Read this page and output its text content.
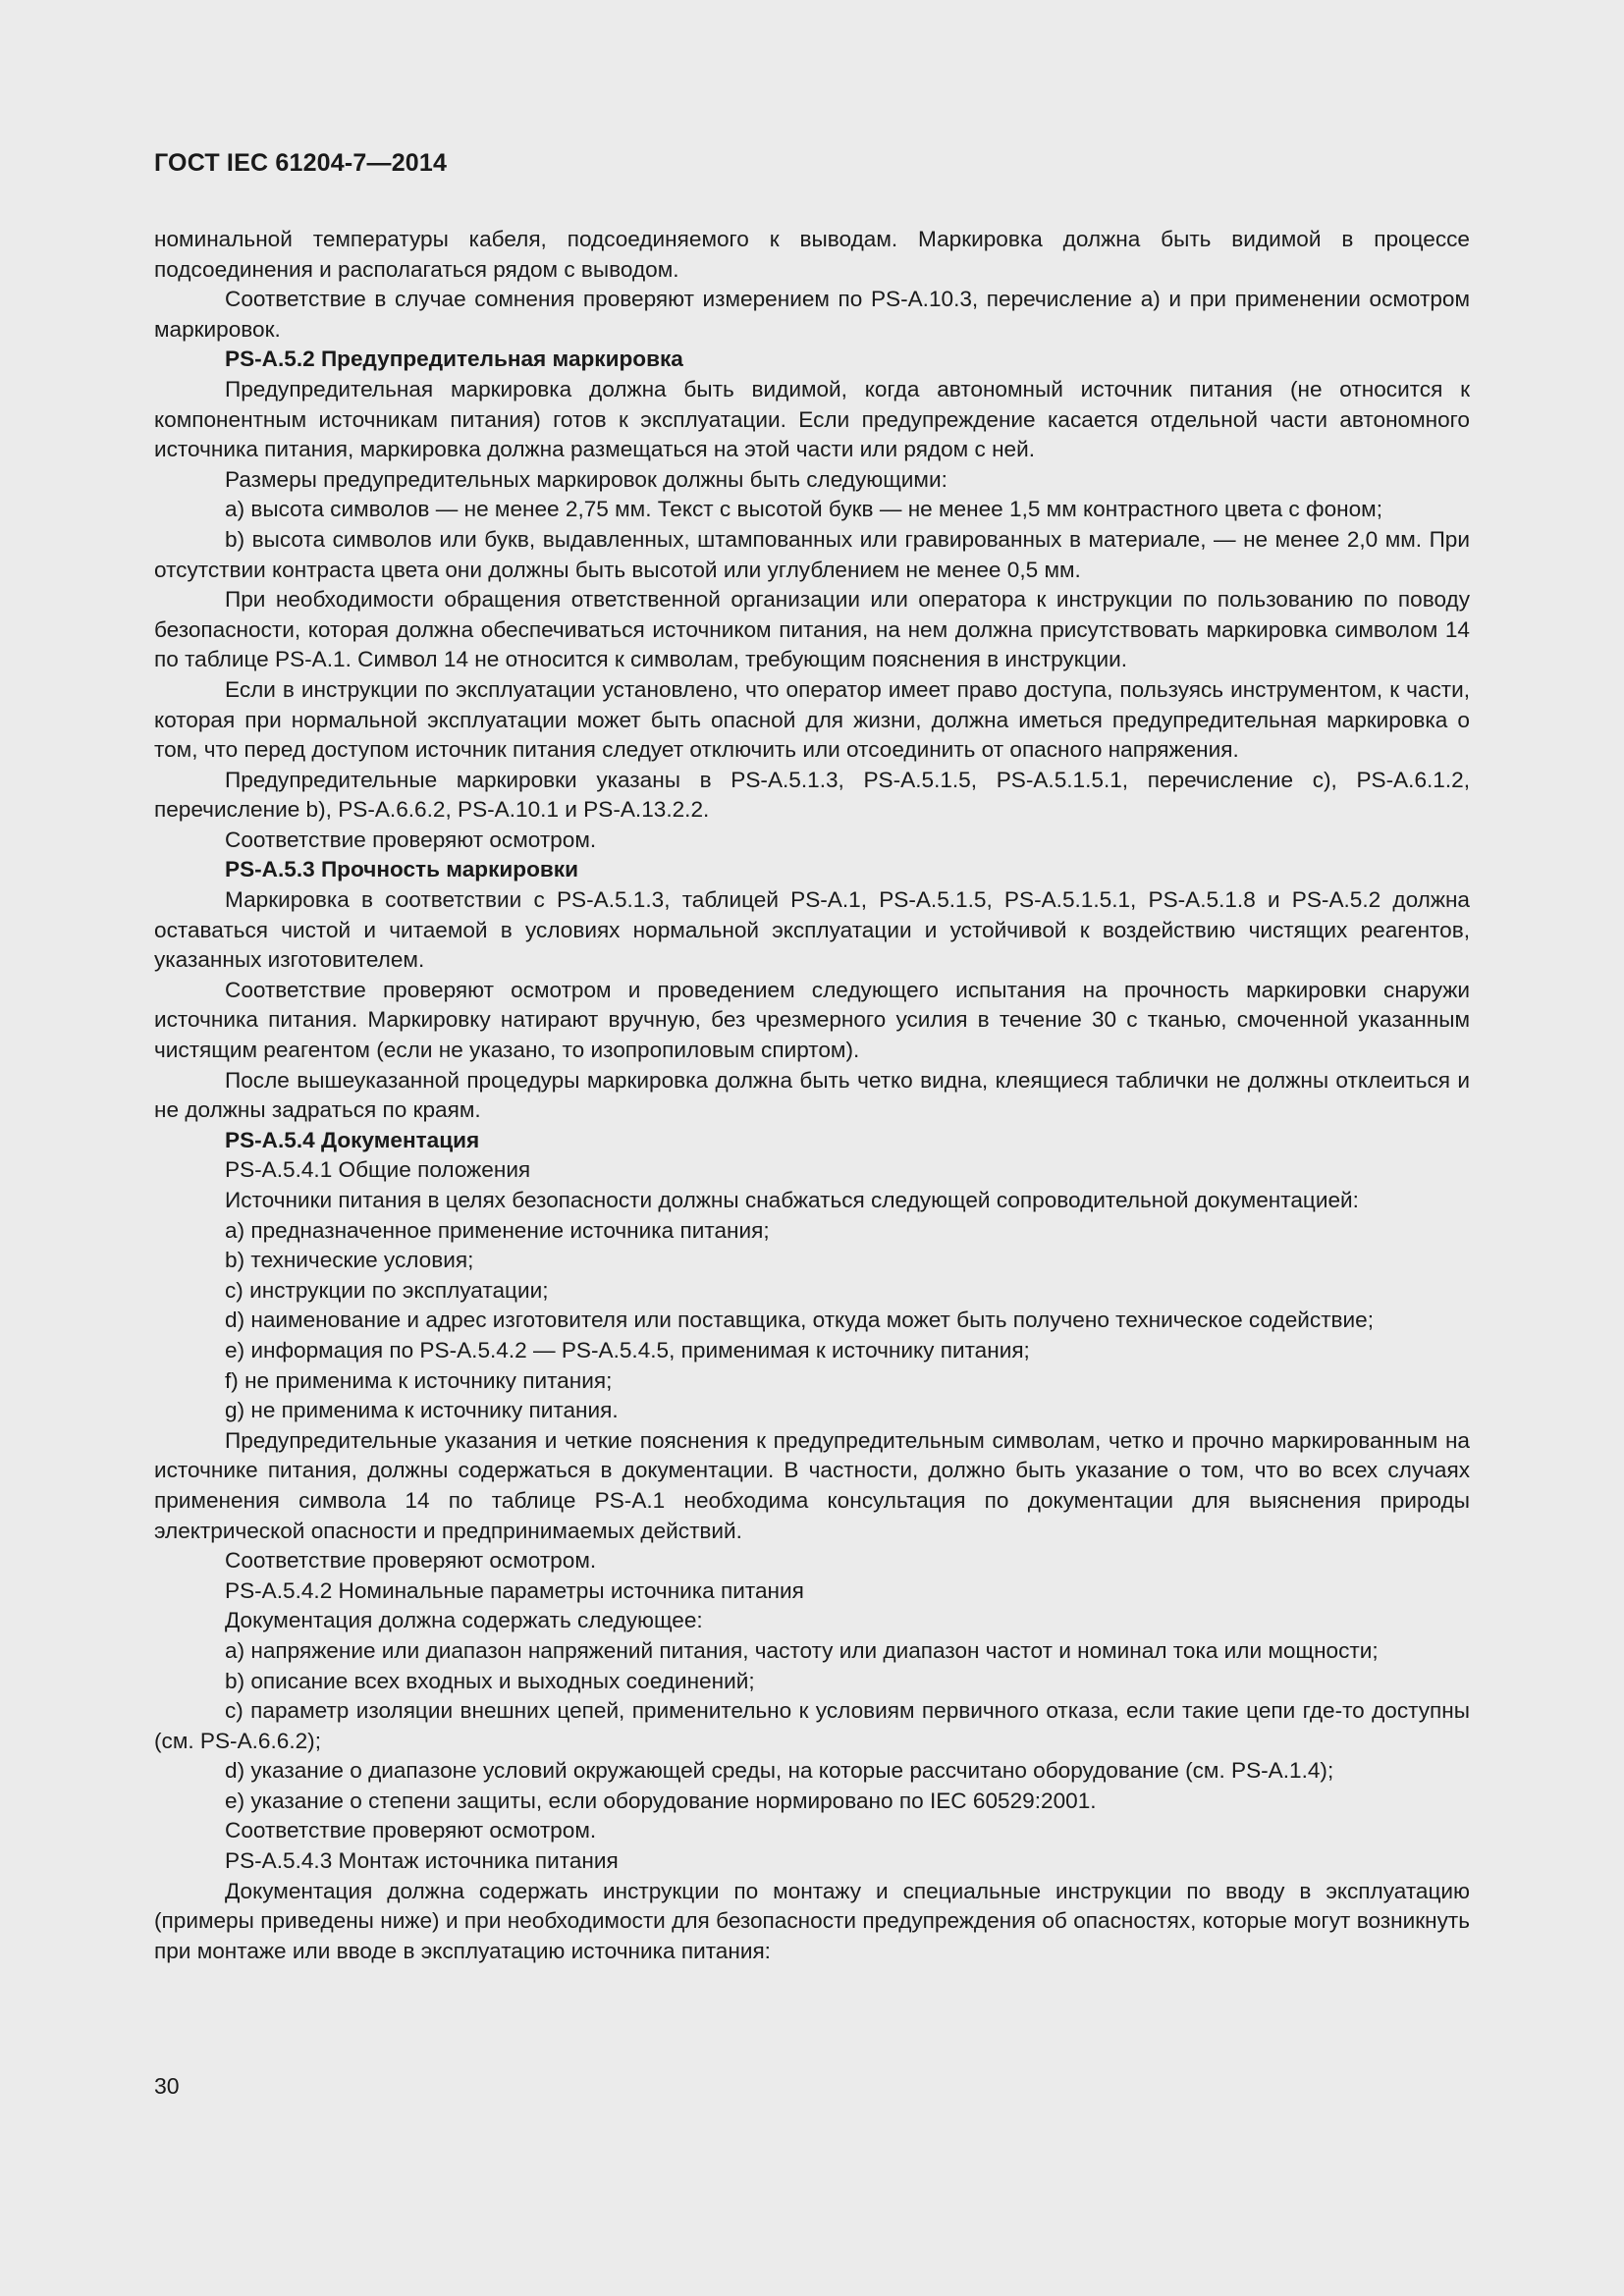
ГОСТ IEC 61204-7—2014

номинальной температуры кабеля, подсоединяемого к выводам. Маркировка должна быть видимой в процессе подсоединения и располагаться рядом с выводом.

Соответствие в случае сомнения проверяют измерением по PS-A.10.3, перечисление a) и при применении осмотром маркировок.

PS-A.5.2 Предупредительная маркировка

Предупредительная маркировка должна быть видимой, когда автономный источник питания (не относится к компонентным источникам питания) готов к эксплуатации. Если предупреждение касается отдельной части автономного источника питания, маркировка должна размещаться на этой части или рядом с ней.

Размеры предупредительных маркировок должны быть следующими:

a) высота символов — не менее 2,75 мм. Текст с высотой букв — не менее 1,5 мм контрастного цвета с фоном;

b) высота символов или букв, выдавленных, штампованных или гравированных в материале, — не менее 2,0 мм. При отсутствии контраста цвета они должны быть высотой или углублением не менее 0,5 мм.

При необходимости обращения ответственной организации или оператора к инструкции по пользованию по поводу безопасности, которая должна обеспечиваться источником питания, на нем должна присутствовать маркировка символом 14 по таблице PS-A.1. Символ 14 не относится к символам, требующим пояснения в инструкции.

Если в инструкции по эксплуатации установлено, что оператор имеет право доступа, пользуясь инструментом, к части, которая при нормальной эксплуатации может быть опасной для жизни, должна иметься предупредительная маркировка о том, что перед доступом источник питания следует отключить или отсоединить от опасного напряжения.

Предупредительные маркировки указаны в PS-A.5.1.3, PS-A.5.1.5, PS-A.5.1.5.1, перечисление с), PS-A.6.1.2, перечисление b), PS-A.6.6.2, PS-A.10.1 и PS-A.13.2.2.

Соответствие проверяют осмотром.

PS-A.5.3 Прочность маркировки

Маркировка в соответствии с PS-A.5.1.3, таблицей PS-A.1, PS-A.5.1.5, PS-A.5.1.5.1, PS-A.5.1.8 и PS-A.5.2 должна оставаться чистой и читаемой в условиях нормальной эксплуатации и устойчивой к воздействию чистящих реагентов, указанных изготовителем.

Соответствие проверяют осмотром и проведением следующего испытания на прочность маркировки снаружи источника питания. Маркировку натирают вручную, без чрезмерного усилия в течение 30 с тканью, смоченной указанным чистящим реагентом (если не указано, то изопропиловым спиртом).

После вышеуказанной процедуры маркировка должна быть четко видна, клеящиеся таблички не должны отклеиться и не должны задраться по краям.

PS-A.5.4 Документация

PS-A.5.4.1 Общие положения

Источники питания в целях безопасности должны снабжаться следующей сопроводительной документацией:

a) предназначенное применение источника питания;

b) технические условия;

c) инструкции по эксплуатации;

d) наименование и адрес изготовителя или поставщика, откуда может быть получено техническое содействие;

e) информация по PS-A.5.4.2 — PS-A.5.4.5, применимая к источнику питания;

f) не применима к источнику питания;

g) не применима к источнику питания.

Предупредительные указания и четкие пояснения к предупредительным символам, четко и прочно маркированным на источнике питания, должны содержаться в документации. В частности, должно быть указание о том, что во всех случаях применения символа 14 по таблице PS-A.1 необходима консультация по документации для выяснения природы электрической опасности и предпринимаемых действий.

Соответствие проверяют осмотром.

PS-A.5.4.2 Номинальные параметры источника питания

Документация должна содержать следующее:

a) напряжение или диапазон напряжений питания, частоту или диапазон частот и номинал тока или мощности;

b) описание всех входных и выходных соединений;

c) параметр изоляции внешних цепей, применительно к условиям первичного отказа, если такие цепи где-то доступны (см. PS-A.6.6.2);

d) указание о диапазоне условий окружающей среды, на которые рассчитано оборудование (см. PS-A.1.4);

e) указание о степени защиты, если оборудование нормировано по IEC 60529:2001.

Соответствие проверяют осмотром.

PS-A.5.4.3 Монтаж источника питания

Документация должна содержать инструкции по монтажу и специальные инструкции по вводу в эксплуатацию (примеры приведены ниже) и при необходимости для безопасности предупреждения об опасностях, которые могут возникнуть при монтаже или вводе в эксплуатацию источника питания:

30
